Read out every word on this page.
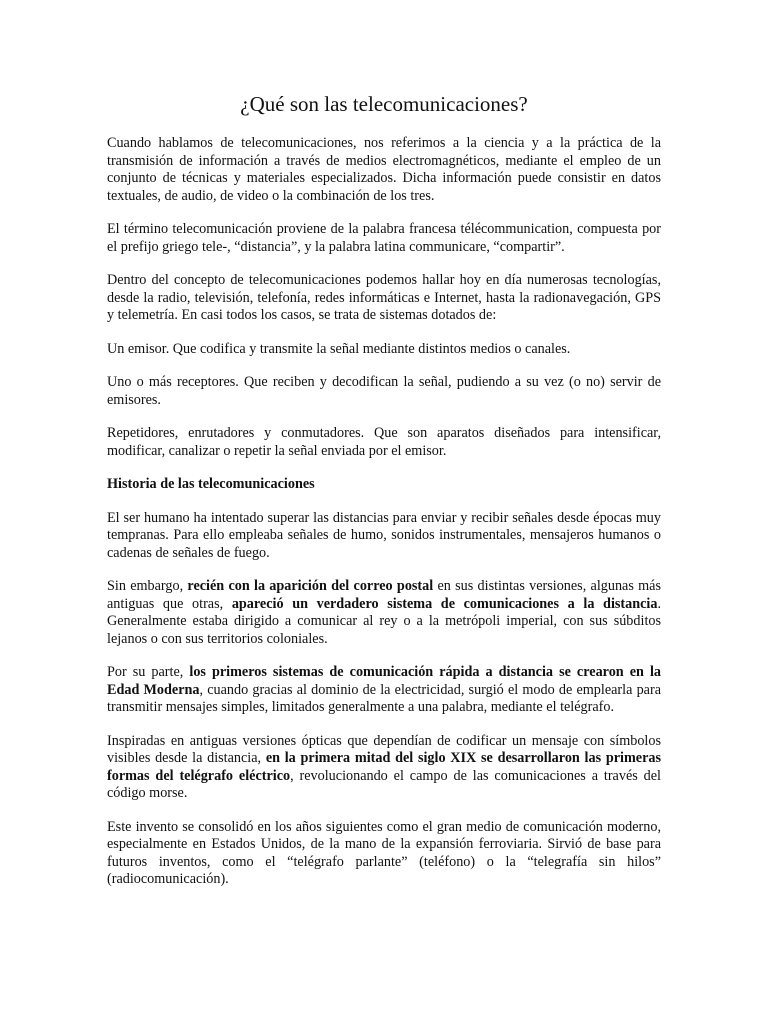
¿Qué son las telecomunicaciones?

Cuando hablamos de telecomunicaciones, nos referimos a la ciencia y a la práctica de la transmisión de información a través de medios electromagnéticos, mediante el empleo de un conjunto de técnicas y materiales especializados. Dicha información puede consistir en datos textuales, de audio, de video o la combinación de los tres.

El término telecomunicación proviene de la palabra francesa télécommunication, compuesta por el prefijo griego tele-, “distancia”, y la palabra latina communicare, “compartir”.

Dentro del concepto de telecomunicaciones podemos hallar hoy en día numerosas tecnologías, desde la radio, televisión, telefonía, redes informáticas e Internet, hasta la radionavegación, GPS y telemetría. En casi todos los casos, se trata de sistemas dotados de:

Un emisor. Que codifica y transmite la señal mediante distintos medios o canales.

Uno o más receptores. Que reciben y decodifican la señal, pudiendo a su vez (o no) servir de emisores.

Repetidores, enrutadores y conmutadores. Que son aparatos diseñados para intensificar, modificar, canalizar o repetir la señal enviada por el emisor.

Historia de las telecomunicaciones

El ser humano ha intentado superar las distancias para enviar y recibir señales desde épocas muy tempranas. Para ello empleaba señales de humo, sonidos instrumentales, mensajeros humanos o cadenas de señales de fuego.

Sin embargo, recién con la aparición del correo postal en sus distintas versiones, algunas más antiguas que otras, apareció un verdadero sistema de comunicaciones a la distancia. Generalmente estaba dirigido a comunicar al rey o a la metrópoli imperial, con sus súbditos lejanos o con sus territorios coloniales.

Por su parte, los primeros sistemas de comunicación rápida a distancia se crearon en la Edad Moderna, cuando gracias al dominio de la electricidad, surgió el modo de emplearla para transmitir mensajes simples, limitados generalmente a una palabra, mediante el telégrafo.

Inspiradas en antiguas versiones ópticas que dependían de codificar un mensaje con símbolos visibles desde la distancia, en la primera mitad del siglo XIX se desarrollaron las primeras formas del telégrafo eléctrico, revolucionando el campo de las comunicaciones a través del código morse.

Este invento se consolidó en los años siguientes como el gran medio de comunicación moderno, especialmente en Estados Unidos, de la mano de la expansión ferroviaria. Sirvió de base para futuros inventos, como el “telégrafo parlante” (teléfono) o la “telegrafía sin hilos” (radiocomunicación).
